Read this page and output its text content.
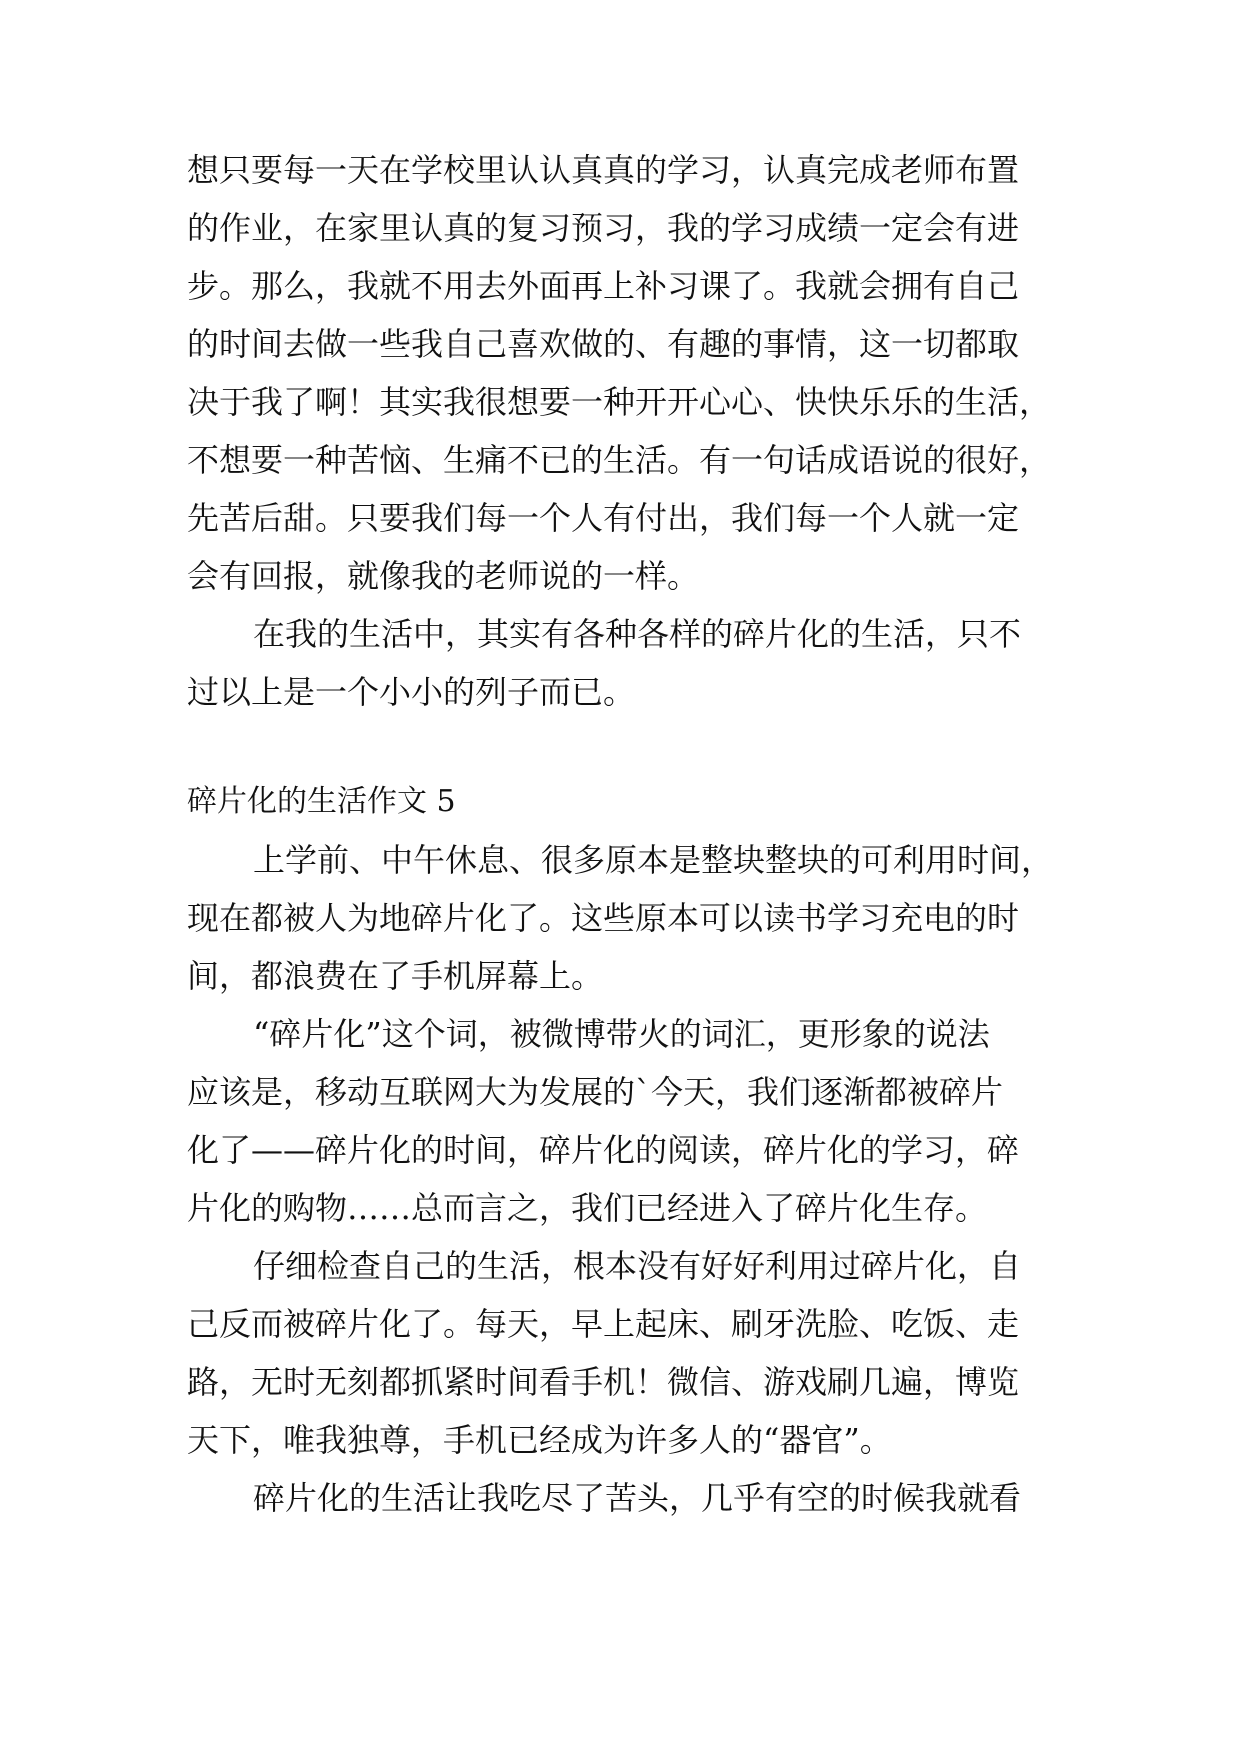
想只要每一天在学校里认认真真的学习，认真完成老师布置
的作业，在家里认真的复习预习，我的学习成绩一定会有进
步。那么，我就不用去外面再上补习课了。我就会拥有自己
的时间去做一些我自己喜欢做的、有趣的事情，这一切都取
决于我了啊！其实我很想要一种开开心心、快快乐乐的生活，
不想要一种苦恼、生痛不已的生活。有一句话成语说的很好，
先苦后甜。只要我们每一个人有付出，我们每一个人就一定
会有回报，就像我的老师说的一样。
在我的生活中，其实有各种各样的碎片化的生活，只不
过以上是一个小小的列子而已。
碎片化的生活作文 5
上学前、中午休息、很多原本是整块整块的可利用时间，
现在都被人为地碎片化了。这些原本可以读书学习充电的时
间，都浪费在了手机屏幕上。
“碎片化”这个词，被微博带火的词汇，更形象的说法
应该是，移动互联网大为发展的`今天，我们逐渐都被碎片
化了——碎片化的时间，碎片化的阅读，碎片化的学习，碎
片化的购物……总而言之，我们已经进入了碎片化生存。
仔细检查自己的生活，根本没有好好利用过碎片化，自
己反而被碎片化了。每天，早上起床、刷牙洗脸、吃饭、走
路，无时无刻都抓紧时间看手机！微信、游戏刷几遍，博览
天下，唯我独尊，手机已经成为许多人的“器官”。
碎片化的生活让我吃尽了苦头，几乎有空的时候我就看
